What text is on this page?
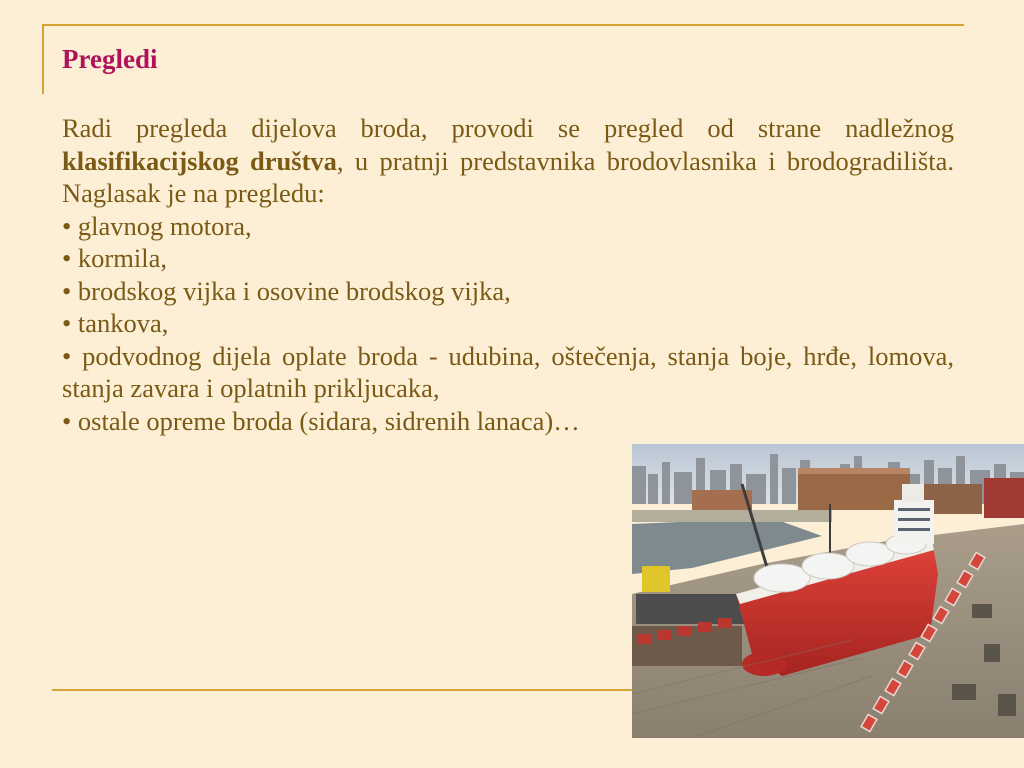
Pregledi

Radi pregleda dijelova broda, provodi se pregled od strane nadležnog klasifikacijskog društva, u pratnji predstavnika brodovlasnika i brodogradilišta. Naglasak je na pregledu:

• glavnog motora,
• kormila,
• brodskog vijka i osovine brodskog vijka,
• tankova,
• podvodnog dijela oplate broda - udubina, oštečenja, stanja boje, hrđe, lomova, stanja zavara i oplatnih prikljucaka,
• ostale opreme broda (sidara, sidrenih lanaca)…
